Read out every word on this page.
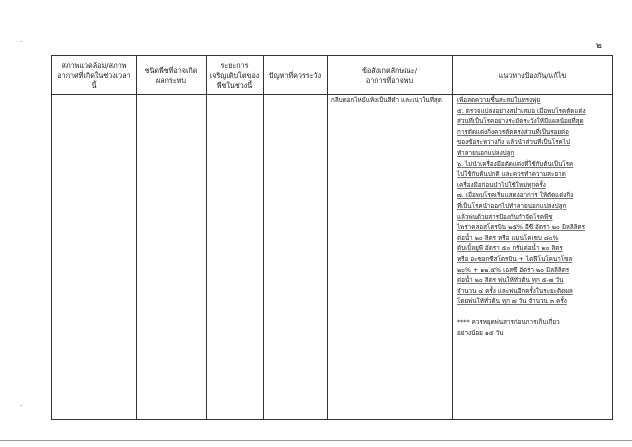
·	๒
สภาพแวดล้อม/สภาพ
อากาศที่เกิดในช่วงเวลานี้
ชนิดพืชที่อาจเกิด
ผลกระทบ
ระยะการ
เจริญเติบโตของ
พืชในช่วงนี้
ปัญหาที่ควรระวัง
ข้อสังเกตลักษณะ/
อาการที่อาจพบ
แนวทางป้องกัน/แก้ไข

กลีบดอกไหม้แห้งเป็นสีดำ และเน่าในที่สุด	เพื่อลดความชื้นสะสมในทรงพุ่ม

๕. ตรวจแปลงอย่างสม่ำเสมอ เมื่อพบโรคตัดแต่ง

ส่วนที่เป็นโรคอย่างระมัดระวังให้มีแผลน้อยที่สุด

การตัดแต่งกิ่งควรตัดตรงส่วนที่เป็นรอยต่อ

ของข้อระหว่างกิ่ง แล้วนำส่วนที่เป็นโรคไป

ทำลายนอกแปลงปลูก

๖. ไม่นำเครื่องมือตัดแต่งที่ใช้กับต้นเป็นโรค

ไปใช้กับต้นปกติ และควรทำความสะอาด

เครื่องมือก่อนนำไปใช้ใหม่ทุกครั้ง

๗. เมื่อพบโรคเริ่มแสดงอาการ ให้ตัดแต่งกิ่ง

ที่เป็นโรคนำออกไปทำลายนอกแปลงปลูก

แล้วพ่นด้วยสารป้องกันกำจัดโรคพืช

ไพราคลอสโตรบิน ๒๕% อีซี อัตรา ๒๐ มิลลิลิตร

ต่อน้ำ ๒๐ ลิตร หรือ แมนโคเซบ ๘๐%

ดับเบิ้ลยูพี อัตรา ๕๐ กรัมต่อน้ำ ๒๐ ลิตร

หรือ อะซอกซีสโตรบิน + ไดฟีโนโคนาโซล

๒๐% + ๑๒.๕% เอสซี อัตรา ๒๐ มิลลิลิตร

ต่อน้ำ ๒๐ ลิตร พ่นให้ทั่วต้น ทุก ๕-๗ วัน

จำนวน ๔ ครั้ง และพ่นอีกครั้งในระยะติดผล

โดยพ่นให้ทั่วต้น ทุก ๗ วัน จำนวน ๓ ครั้ง

**** ควรหยุดพ่นสารก่อนการเก็บเกี่ยว

อย่างน้อย ๑๕ วัน

·
